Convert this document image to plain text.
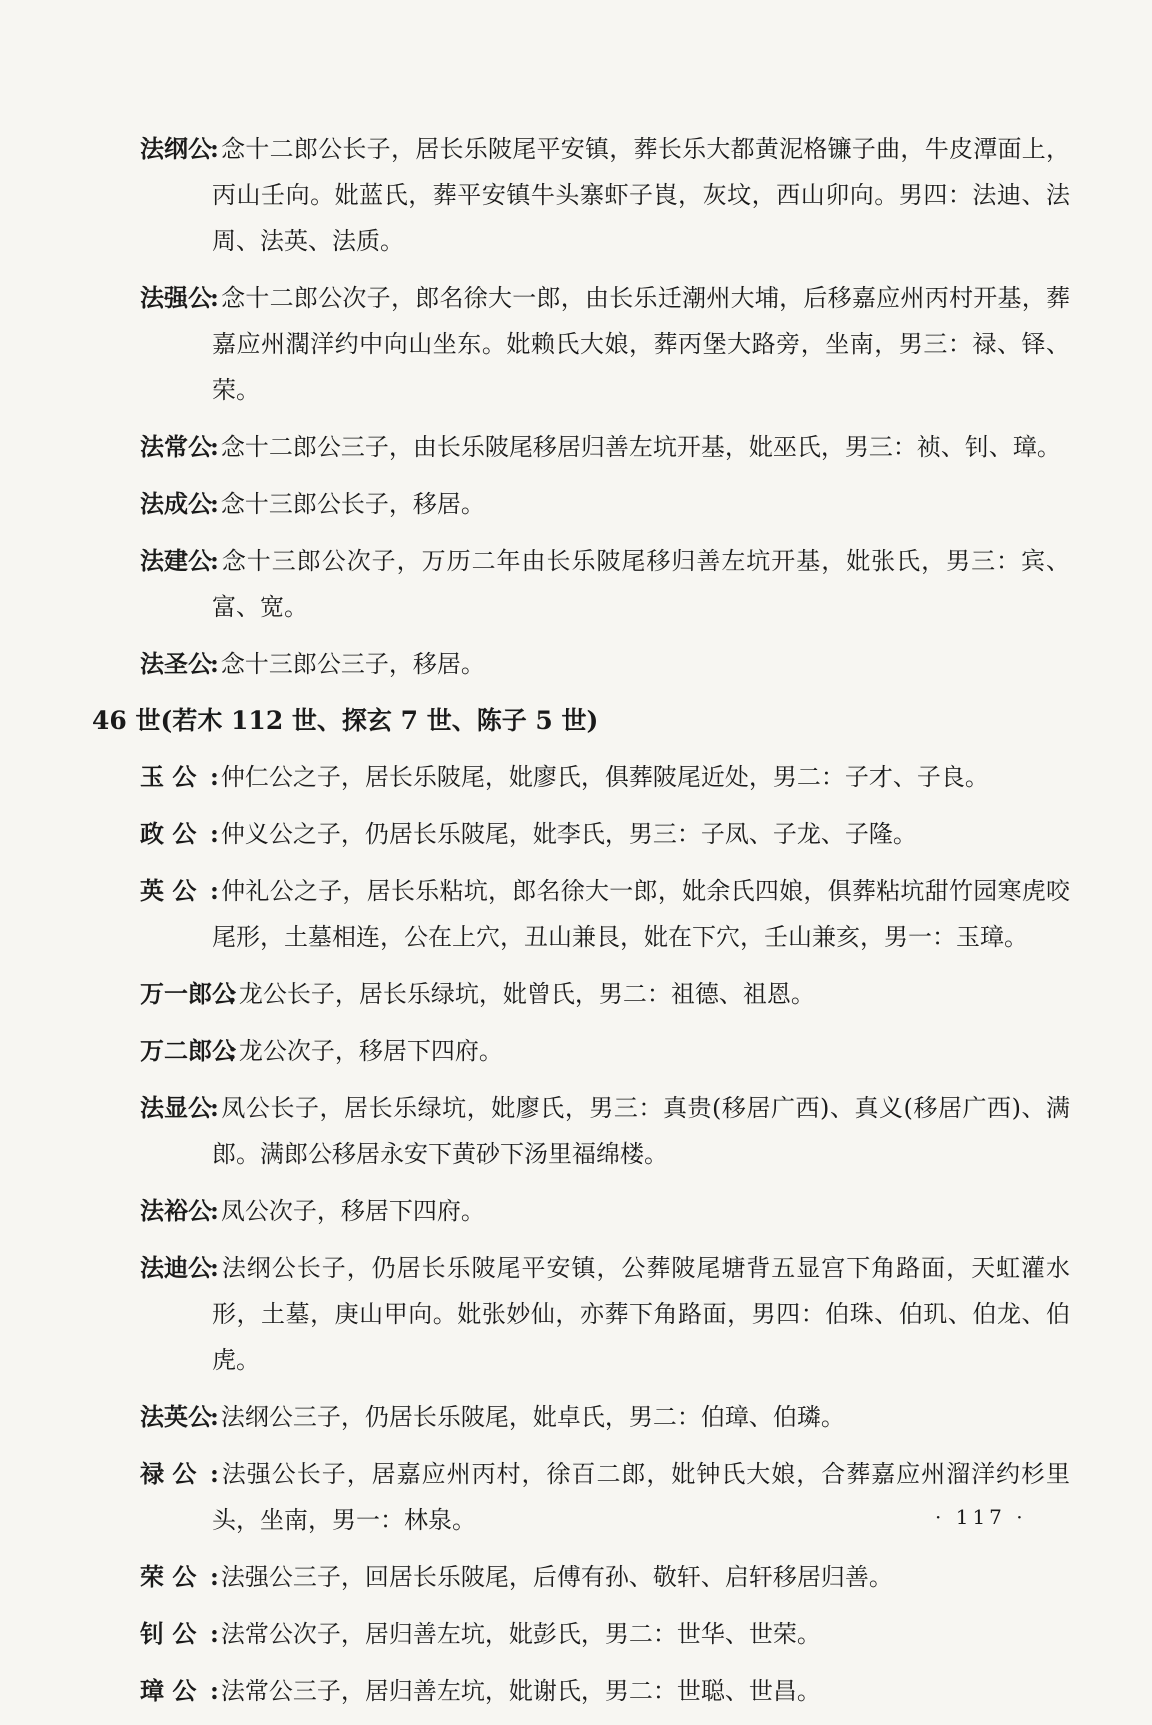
法纲公 : 念十二郎公长子，居长乐陂尾平安镇，葬长乐大都黄泥格镰子曲，牛皮潭面上，丙山壬向。妣蓝氏，葬平安镇牛头寨虾子崀，灰坟，西山卯向。男四：法迪、法周、法英、法质。
法强公 : 念十二郎公次子，郎名徐大一郎，由长乐迁潮州大埔，后移嘉应州丙村开基，葬嘉应州濶洋约中向山坐东。妣赖氏大娘，葬丙堡大路旁，坐南，男三：禄、铎、荣。
法常公 : 念十二郎公三子，由长乐陂尾移居归善左坑开基，妣巫氏，男三：祯、钊、璋。
法成公 : 念十三郎公长子，移居。
法建公 : 念十三郎公次子，万历二年由长乐陂尾移归善左坑开基，妣张氏，男三：宾、富、宽。
法圣公 : 念十三郎公三子，移居。
46 世(若木 112 世、探玄 7 世、陈子 5 世)
玉 公	: 仲仁公之子，居长乐陂尾，妣廖氏，俱葬陂尾近处，男二：子才、子良。
政 公	: 仲义公之子，仍居长乐陂尾，妣李氏，男三：子凤、子龙、子隆。
英 公	: 仲礼公之子，居长乐粘坑，郎名徐大一郎，妣余氏四娘，俱葬粘坑甜竹园寒虎咬尾形，土墓相连，公在上穴，丑山兼艮，妣在下穴，壬山兼亥，男一：玉璋。
万一郎公 : 龙公长子，居长乐绿坑，妣曾氏，男二：祖德、祖恩。
万二郎公 : 龙公次子，移居下四府。
法显公 : 凤公长子，居长乐绿坑，妣廖氏，男三：真贵(移居广西)、真义(移居广西)、满郎。满郎公移居永安下黄砂下汤里福绵楼。
法裕公 : 凤公次子，移居下四府。
法迪公 : 法纲公长子，仍居长乐陂尾平安镇，公葬陂尾塘背五显宫下角路面，天虹灌水形，土墓，庚山甲向。妣张妙仙，亦葬下角路面，男四：伯珠、伯玑、伯龙、伯虎。
法英公 : 法纲公三子，仍居长乐陂尾，妣卓氏，男二：伯璋、伯璘。
禄 公	: 法强公长子，居嘉应州丙村，徐百二郎，妣钟氏大娘，合葬嘉应州溜洋约杉里头，坐南，男一：林泉。
荣 公	: 法强公三子，回居长乐陂尾，后傅有孙、敬轩、启轩移居归善。
钊 公	: 法常公次子，居归善左坑，妣彭氏，男二：世华、世荣。
璋 公	: 法常公三子，居归善左坑，妣谢氏，男二：世聪、世昌。
· 117 ·
